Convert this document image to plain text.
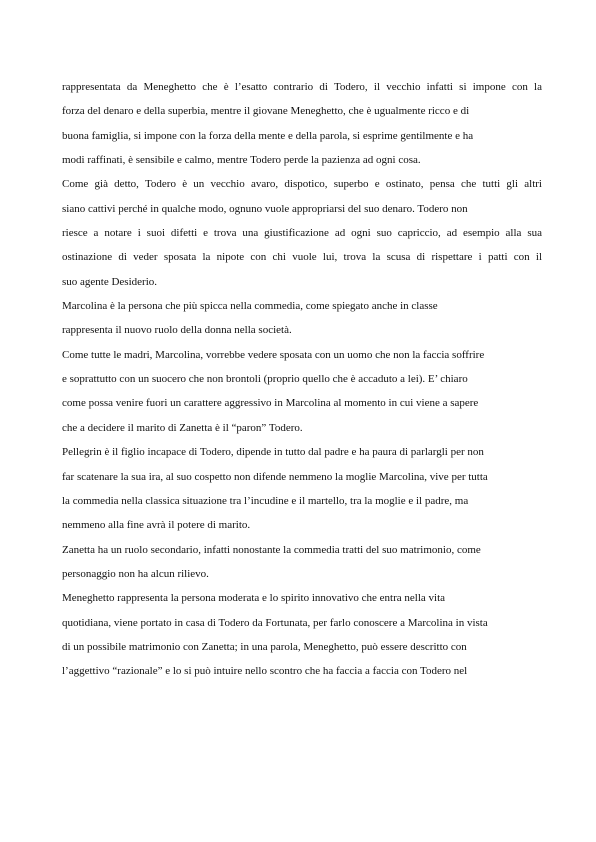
rappresentata da Meneghetto che è l’esatto contrario di Todero, il vecchio infatti si impone con la
forza del denaro e della superbia, mentre il giovane Meneghetto, che è ugualmente ricco e di
buona famiglia, si impone con la forza della mente e della parola, si esprime gentilmente e ha
modi raffinati, è sensibile e calmo, mentre Todero perde la pazienza ad ogni cosa.
Come già detto, Todero è un vecchio avaro, dispotico, superbo e ostinato, pensa che tutti gli altri
siano cattivi perché in qualche modo, ognuno vuole appropriarsi del suo denaro. Todero non
riesce a notare i suoi difetti e trova una giustificazione ad ogni suo capriccio, ad esempio alla sua
ostinazione di veder sposata la nipote con chi vuole lui, trova la scusa di rispettare i patti con il
suo agente Desiderio.
Marcolina è la persona che più spicca nella commedia, come spiegato anche in classe
rappresenta il nuovo ruolo della donna nella società.
Come tutte le madri, Marcolina, vorrebbe vedere sposata con un uomo che non la faccia soffrire
e soprattutto con un suocero che non brontoli (proprio quello che è accaduto a lei). E’ chiaro
come possa venire fuori un carattere aggressivo in Marcolina al momento in cui viene a sapere
che a decidere il marito di Zanetta è il “paron” Todero.
Pellegrin è il figlio incapace di Todero, dipende in tutto dal padre e ha paura di parlargli per non
far scatenare la sua ira, al suo cospetto non difende nemmeno la moglie Marcolina, vive per tutta
la commedia nella classica situazione tra l’incudine e il martello, tra la moglie e il padre, ma
nemmeno alla fine avrà il potere di marito.
Zanetta ha un ruolo secondario, infatti nonostante la commedia tratti del suo matrimonio, come
personaggio non ha alcun rilievo.
Meneghetto rappresenta la persona moderata e lo spirito innovativo che entra nella vita
quotidiana, viene portato in casa di Todero da Fortunata, per farlo conoscere a Marcolina in vista
di un possibile matrimonio con Zanetta; in una parola, Meneghetto, può essere descritto con
l’aggettivo “razionale” e lo si può intuire nello scontro che ha faccia a faccia con Todero nel
